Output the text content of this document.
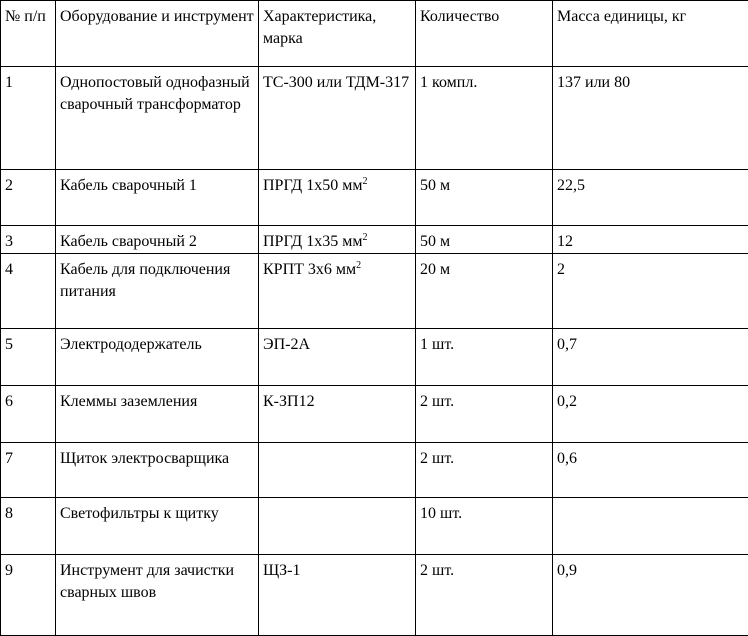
№ п/п	Оборудование и инструмент	Характеристика, марка	Количество	Масса единицы, кг
1	Однопостовый однофазный сварочный трансформатор	ТС-300 или ТДМ-317	1 компл.	137 или 80
2	Кабель сварочный 1	ПРГД 1х50 $мм^2$	50 м	22,5
3	Кабель сварочный 2	ПРГД 1х35 $мм^2$	50 м	12
4	Кабель для подключения питания	КРПТ 3х6 $мм^2$	20 м	2
5	Электрододержатель	ЭП-2А	1 шт.	0,7
6	Клеммы заземления	К-ЗП12	2 шт.	0,2
7	Щиток электросварщика		2 шт.	0,6
8	Светофильтры к щитку		10 шт.	
9	Инструмент для зачистки сварных швов	ЩЗ-1	2 шт.	0,9
